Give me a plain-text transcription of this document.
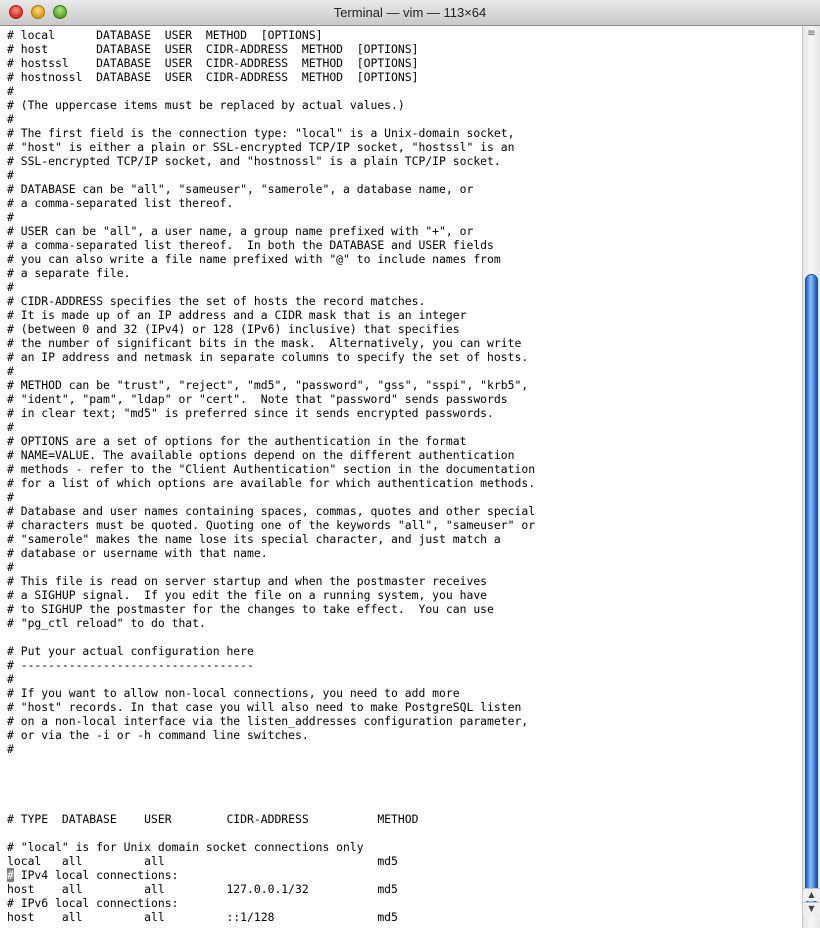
Terminal — vim — 113×64
# local      DATABASE  USER  METHOD  [OPTIONS]
# host       DATABASE  USER  CIDR-ADDRESS  METHOD  [OPTIONS]
# hostssl    DATABASE  USER  CIDR-ADDRESS  METHOD  [OPTIONS]
# hostnossl  DATABASE  USER  CIDR-ADDRESS  METHOD  [OPTIONS]
#
# (The uppercase items must be replaced by actual values.)
#
# The first field is the connection type: "local" is a Unix-domain socket,
# "host" is either a plain or SSL-encrypted TCP/IP socket, "hostssl" is an
# SSL-encrypted TCP/IP socket, and "hostnossl" is a plain TCP/IP socket.
#
# DATABASE can be "all", "sameuser", "samerole", a database name, or
# a comma-separated list thereof.
#
# USER can be "all", a user name, a group name prefixed with "+", or
# a comma-separated list thereof.  In both the DATABASE and USER fields
# you can also write a file name prefixed with "@" to include names from
# a separate file.
#
# CIDR-ADDRESS specifies the set of hosts the record matches.
# It is made up of an IP address and a CIDR mask that is an integer
# (between 0 and 32 (IPv4) or 128 (IPv6) inclusive) that specifies
# the number of significant bits in the mask.  Alternatively, you can write
# an IP address and netmask in separate columns to specify the set of hosts.
#
# METHOD can be "trust", "reject", "md5", "password", "gss", "sspi", "krb5",
# "ident", "pam", "ldap" or "cert".  Note that "password" sends passwords
# in clear text; "md5" is preferred since it sends encrypted passwords.
#
# OPTIONS are a set of options for the authentication in the format
# NAME=VALUE. The available options depend on the different authentication
# methods - refer to the "Client Authentication" section in the documentation
# for a list of which options are available for which authentication methods.
#
# Database and user names containing spaces, commas, quotes and other special
# characters must be quoted. Quoting one of the keywords "all", "sameuser" or
# "samerole" makes the name lose its special character, and just match a
# database or username with that name.
#
# This file is read on server startup and when the postmaster receives
# a SIGHUP signal.  If you edit the file on a running system, you have
# to SIGHUP the postmaster for the changes to take effect.  You can use
# "pg_ctl reload" to do that.
# Put your actual configuration here
# ----------------------------------
#
# If you want to allow non-local connections, you need to add more
# "host" records. In that case you will also need to make PostgreSQL listen
# on a non-local interface via the listen_addresses configuration parameter,
# or via the -i or -h command line switches.
#
# TYPE  DATABASE    USER        CIDR-ADDRESS          METHOD
# "local" is for Unix domain socket connections only
local   all         all                               md5
# IPv4 local connections:
host    all         all         127.0.0.1/32          md5
# IPv6 local connections:
host    all         all         ::1/128               md5
≡
▲
▼
